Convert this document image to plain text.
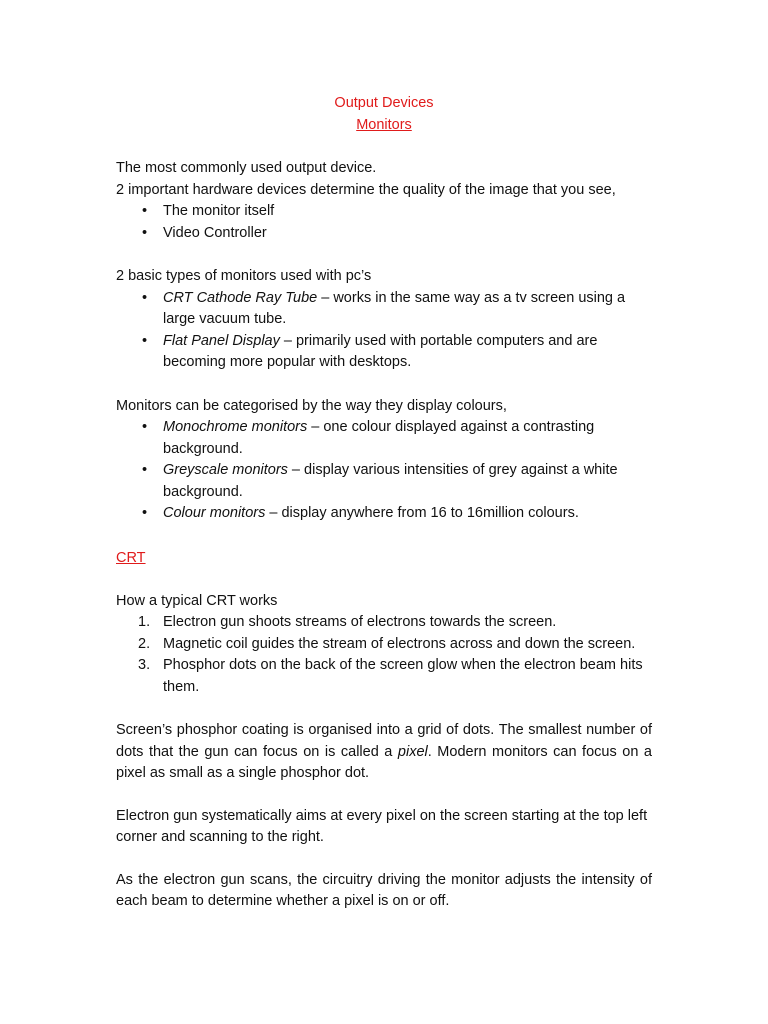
Output Devices
Monitors

The most commonly used output device.

2 important hardware devices determine the quality of the image that you see,

• The monitor itself
• Video Controller

2 basic types of monitors used with pc’s

• CRT Cathode Ray Tube – works in the same way as a tv screen using a large vacuum tube.
• Flat Panel Display – primarily used with portable computers and are becoming more popular with desktops.

Monitors can be categorised by the way they display colours,

• Monochrome monitors – one colour displayed against a contrasting background.
• Greyscale monitors – display various intensities of grey against a white background.
• Colour monitors – display anywhere from 16 to 16million colours.
CRT

How a typical CRT works

1. Electron gun shoots streams of electrons towards the screen.
2. Magnetic coil guides the stream of electrons across and down the screen.
3. Phosphor dots on the back of the screen glow when the electron beam hits them.

Screen’s phosphor coating is organised into a grid of dots. The smallest number of dots that the gun can focus on is called a pixel. Modern monitors can focus on a pixel as small as a single phosphor dot.

Electron gun systematically aims at every pixel on the screen starting at the top left corner and scanning to the right.

As the electron gun scans, the circuitry driving the monitor adjusts the intensity of each beam to determine whether a pixel is on or off.
